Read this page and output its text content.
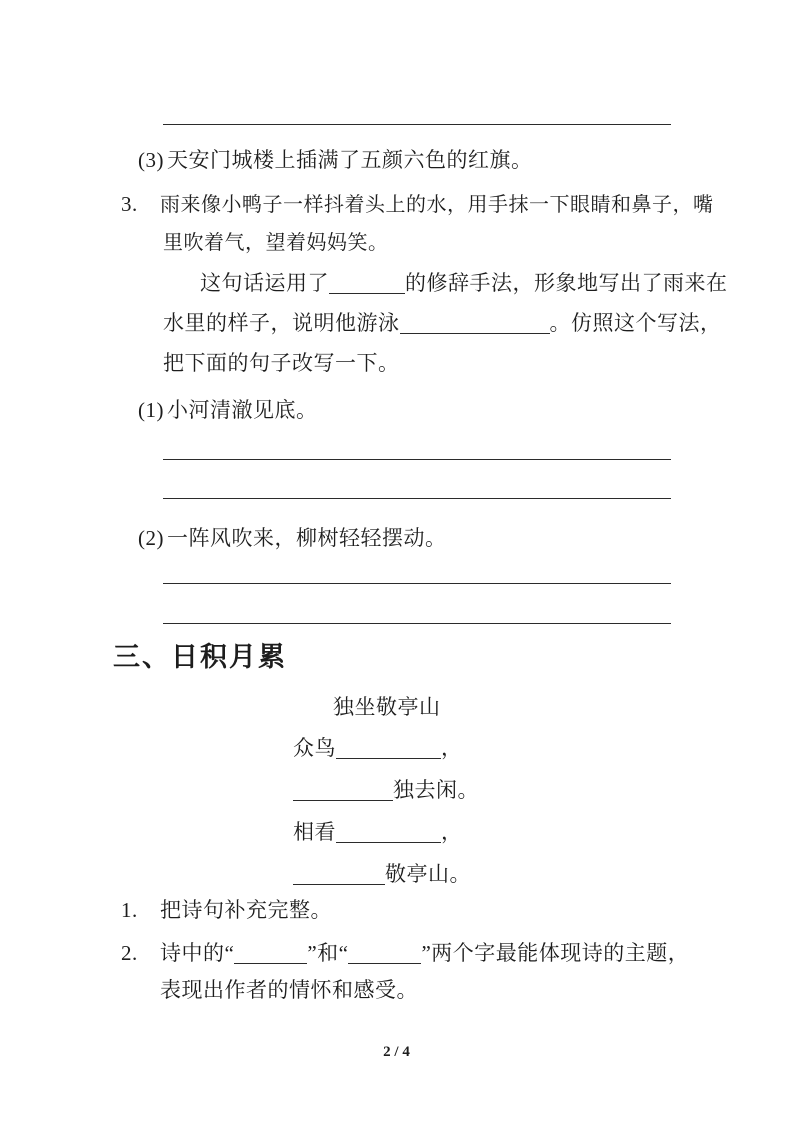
(3) 天安门城楼上插满了五颜六色的红旗。
3. 雨来像小鸭子一样抖着头上的水，用手抹一下眼睛和鼻子，嘴
里吹着气，望着妈妈笑。
这句话运用了	的修辞手法，形象地写出了雨来在
水里的样子，说明他游泳	。仿照这个写法，
把下面的句子改写一下。
(1) 小河清澈见底。
(2) 一阵风吹来，柳树轻轻摆动。
三、日积月累
独坐敬亭山
众鸟	，
独去闲。
相看	，
敬亭山。
1. 把诗句补充完整。
2. 诗中的“	”和“	”两个字最能体现诗的主题，
表现出作者的情怀和感受。
2 / 4
